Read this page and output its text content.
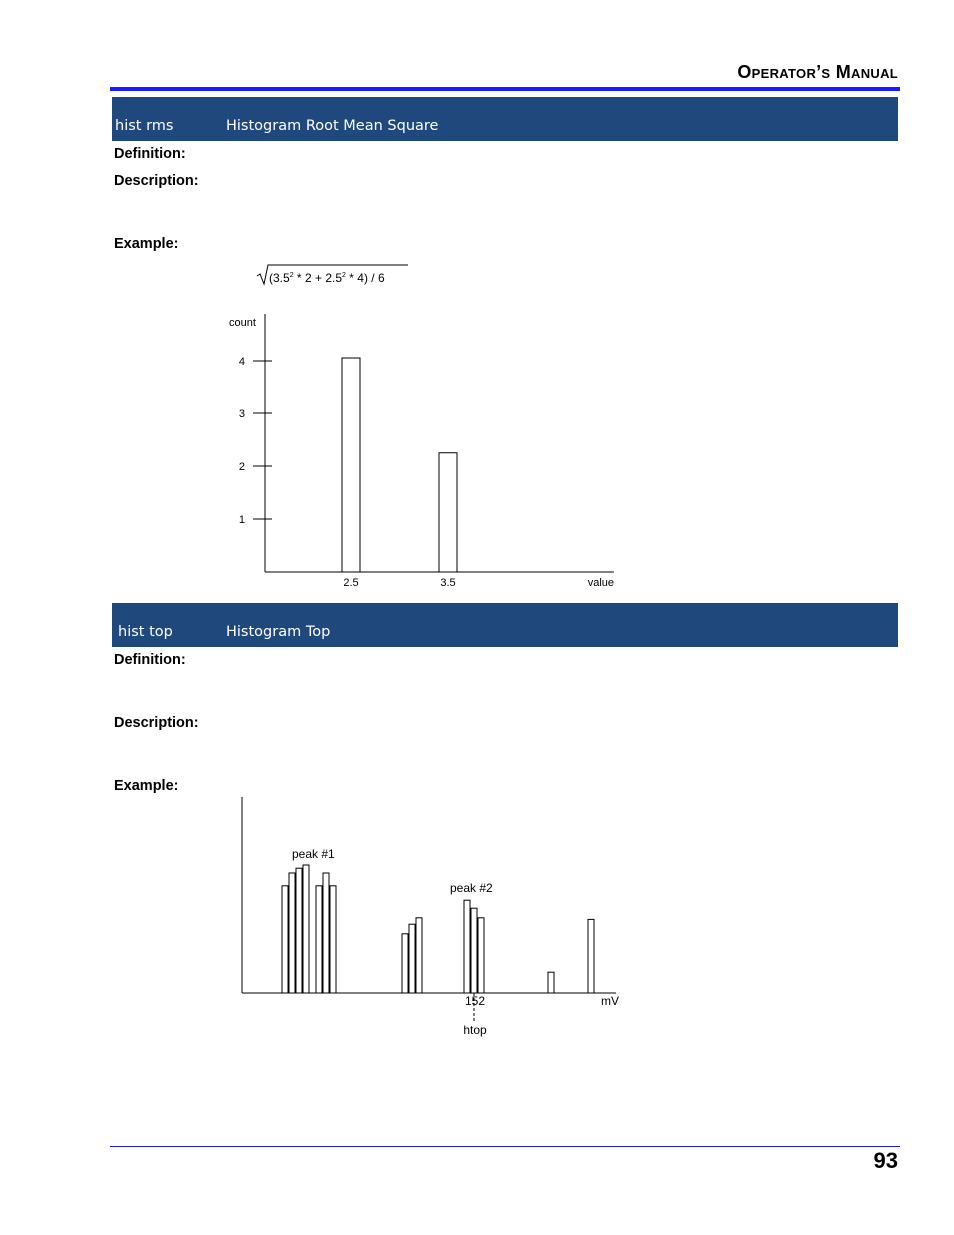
Operator’s Manual
hist rms	Histogram Root Mean Square
Definition:
Description:
Example:
$(3.5^2 * 2 + 2.5^2 * 4) / 6$
count
1
2
3
4
2.5	3.5	value
hist top	Histogram Top
Definition:
Description:
Example:
peak #1
peak #2
152
htop
mV
93
